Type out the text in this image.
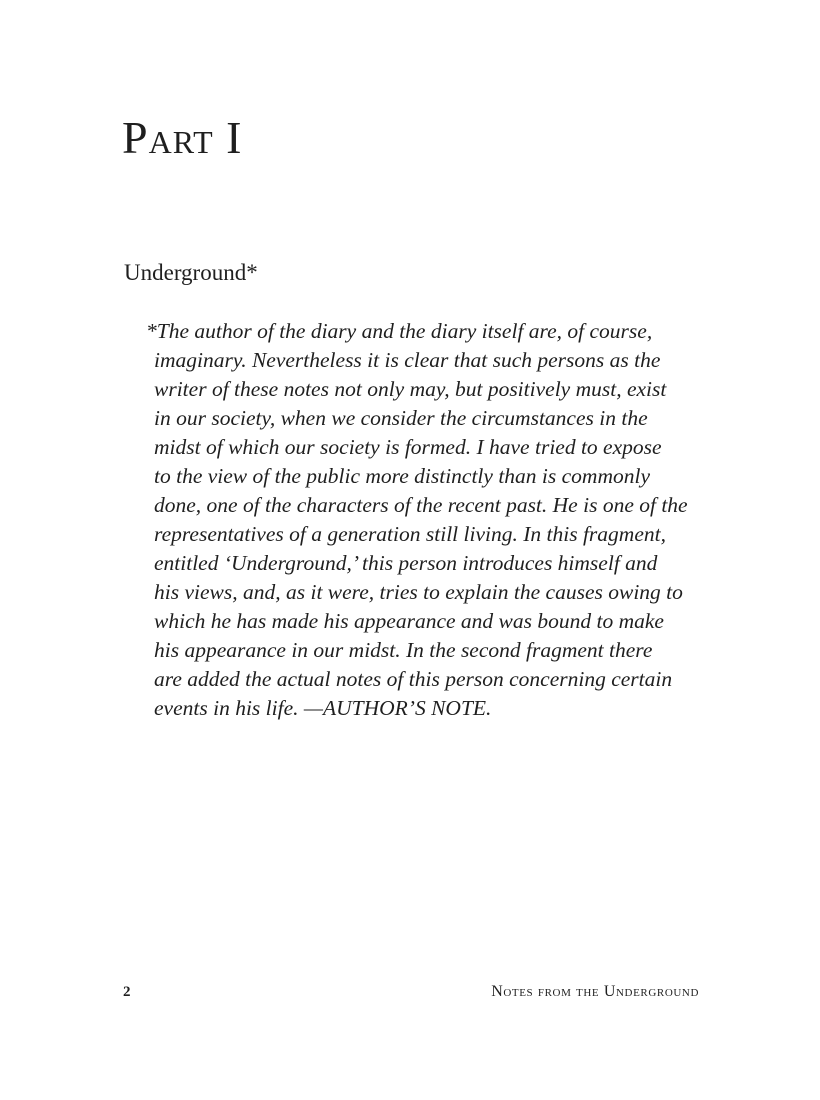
Part I
Underground*

*The author of the diary and the diary itself are, of course,
imaginary. Nevertheless it is clear that such persons as the
writer of these notes not only may, but positively must, exist
in our society, when we consider the circumstances in the
midst of which our society is formed. I have tried to expose
to the view of the public more distinctly than is commonly
done, one of the characters of the recent past. He is one of the
representatives of a generation still living. In this fragment,
entitled ‘Underground,’ this person introduces himself and
his views, and, as it were, tries to explain the causes owing to
which he has made his appearance and was bound to make
his appearance in our midst. In the second fragment there
are added the actual notes of this person concerning certain
events in his life. —AUTHOR’S NOTE.

2	Notes from the Underground
